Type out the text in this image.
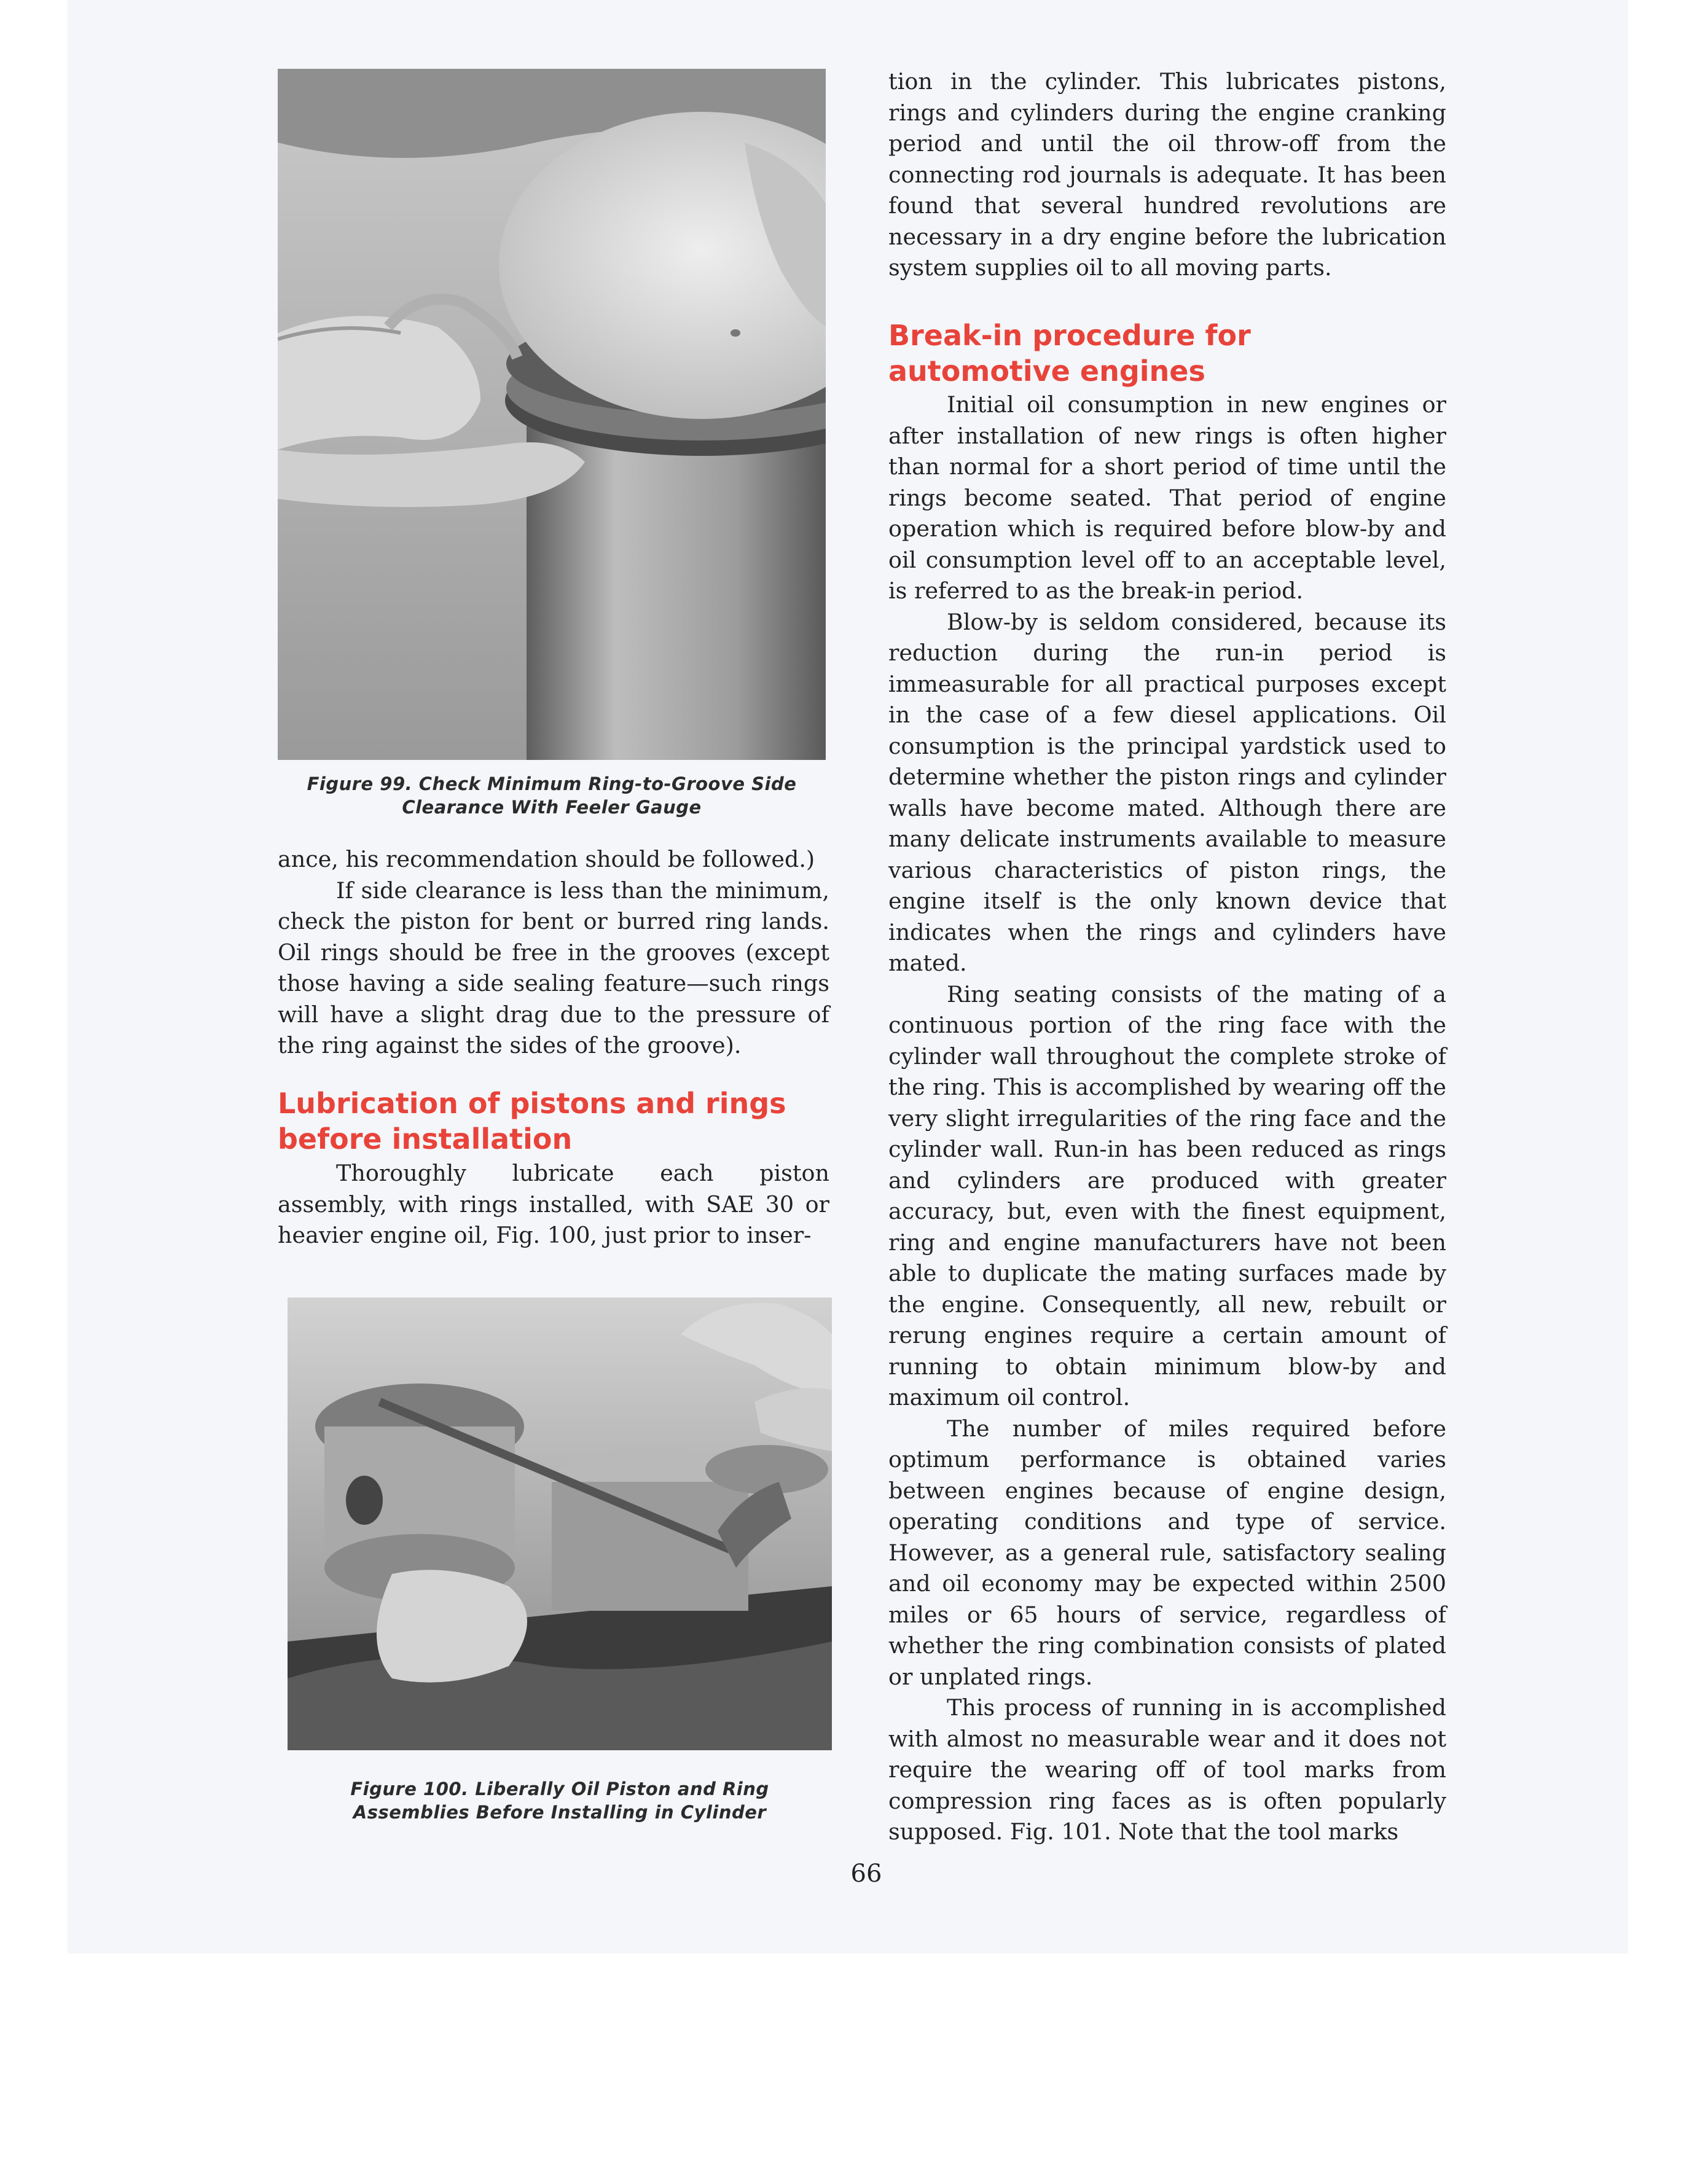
Figure 99. Check Minimum Ring-to-Groove Side
Clearance With Feeler Gauge

ance, his recommendation should be followed.)

If side clearance is less than the minimum, check the piston for bent or burred ring lands. Oil rings should be free in the grooves (except those having a side sealing feature—such rings will have a slight drag due to the pressure of the ring against the sides of the groove).

Lubrication of pistons and rings
before installation

Thoroughly lubricate each piston assembly, with rings installed, with SAE 30 or heavier engine oil, Fig. 100, just prior to inser-

Figure 100. Liberally Oil Piston and Ring
Assemblies Before Installing in Cylinder

tion in the cylinder. This lubricates pistons, rings and cylinders during the engine cranking period and until the oil throw-off from the connecting rod journals is adequate. It has been found that several hundred revolutions are necessary in a dry engine before the lubrication system supplies oil to all moving parts.

Break-in procedure for
automotive engines

Initial oil consumption in new engines or after installation of new rings is often higher than normal for a short period of time until the rings become seated. That period of engine operation which is required before blow-by and oil consumption level off to an acceptable level, is referred to as the break-in period.

Blow-by is seldom considered, because its reduction during the run-in period is immeasurable for all practical purposes except in the case of a few diesel applications. Oil consumption is the principal yardstick used to determine whether the piston rings and cylinder walls have become mated. Although there are many delicate instruments available to measure various characteristics of piston rings, the engine itself is the only known device that indicates when the rings and cylinders have mated.

Ring seating consists of the mating of a continuous portion of the ring face with the cylinder wall throughout the complete stroke of the ring. This is accomplished by wearing off the very slight irregularities of the ring face and the cylinder wall. Run-in has been reduced as rings and cylinders are produced with greater accuracy, but, even with the finest equipment, ring and engine manufacturers have not been able to duplicate the mating surfaces made by the engine. Consequently, all new, rebuilt or rerung engines require a certain amount of running to obtain minimum blow-by and maximum oil control.

The number of miles required before optimum performance is obtained varies between engines because of engine design, operating conditions and type of service. However, as a general rule, satisfactory sealing and oil economy may be expected within 2500 miles or 65 hours of service, regardless of whether the ring combination consists of plated or unplated rings.

This process of running in is accomplished with almost no measurable wear and it does not require the wearing off of tool marks from compression ring faces as is often popularly supposed. Fig. 101. Note that the tool marks

66
